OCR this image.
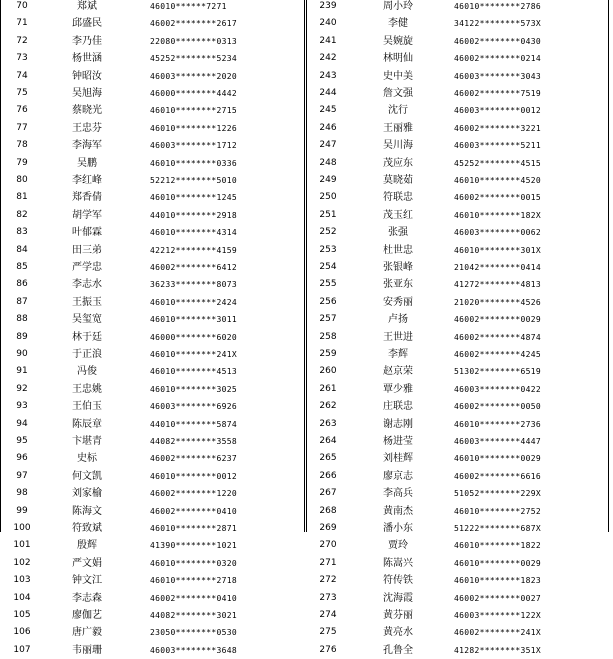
70	郑斌	46010******7271
71	邱盛民	46002********2617
72	李乃佳	22080********0313
73	杨世涵	45252********5234
74	钟昭汝	46003********2020
75	吴旭海	46000********4442
76	蔡晓光	46010********2715
77	王忠芬	46010********1226
78	李海军	46003********1712
79	吴鹏	46010********0336
80	李红峰	52212********5010
81	郑香倩	46010********1245
82	胡学军	44010********2918
83	叶郁霖	46010********4314
84	田三弟	42212********4159
85	严学忠	46002********6412
86	李志水	36233********8073
87	王振玉	46010********2424
88	吴玺宽	46010********3011
89	林于廷	46000********6020
90	于正浪	46010********241X
91	冯俊	46010********4513
92	王忠姚	46010********3025
93	王伯玉	46003********6926
94	陈辰章	44010********5874
95	卞堪青	44082********3558
96	史标	46002********6237
97	何文凯	46010********0012
98	刘家榆	46002********1220
99	陈海文	46002********0410
100	符致斌	46010********2871
101	殷辉	41390********1021
102	严文娟	46010********0320
103	钟文江	46010********2718
104	李志森	46002********0410
105	廖伽艺	44082********3021
106	唐广毅	23050********0530
107	韦丽珊	46003********3648
239	周小玲	46010********2786
240	李健	34122********573X
241	吴婉旋	46002********0430
242	林明仙	46002********0214
243	史中美	46003********3043
244	詹文强	46002********7519
245	沈行	46003********0012
246	王丽雅	46002********3221
247	吴川海	46003********5211
248	茂应东	45252********4515
249	莫晓茹	46010********4520
250	符联忠	46002********0015
251	茂玉红	46010********182X
252	张强	46003********0062
253	杜世忠	46010********301X
254	张银峰	21042********0414
255	张亚东	41272********4813
256	安秀丽	21020********4526
257	卢扬	46002********0029
258	王世进	46002********4874
259	李辉	46002********4245
260	赵京荣	51302********6519
261	覃少雅	46003********0422
262	庄联忠	46002********0050
263	谢志刚	46010********2736
264	杨进莹	46003********4447
265	刘桂辉	46010********0029
266	廖京志	46002********6616
267	李高兵	51052********229X
268	黄南杰	46010********2752
269	潘小东	51222********687X
270	贾玲	46010********1822
271	陈嵩兴	46010********0029
272	符传铁	46010********1823
273	沈海霞	46002********0027
274	黄芬丽	46003********122X
275	黄亮水	46002********241X
276	孔鲁全	41282********351X
